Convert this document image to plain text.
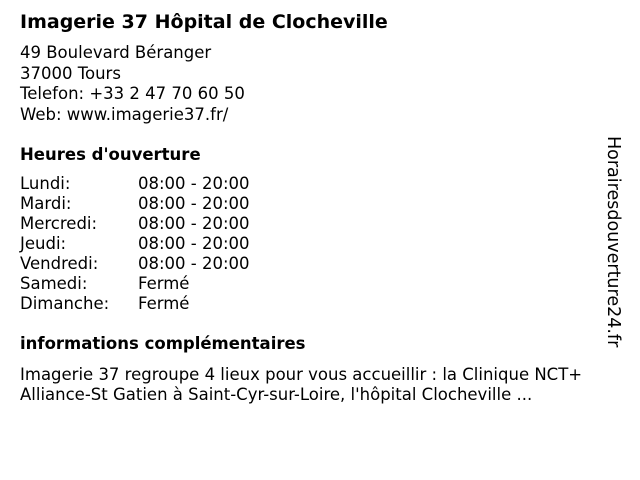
Imagerie 37 Hôpital de Clocheville
49 Boulevard Béranger
37000 Tours
Telefon: +33 2 47 70 60 50
Web: www.imagerie37.fr/
Heures d'ouverture
Lundi:	08:00 - 20:00
Mardi:	08:00 - 20:00
Mercredi: 08:00 - 20:00
Jeudi:	08:00 - 20:00
Vendredi: 08:00 - 20:00
Samedi:	Fermé
Dimanche: Fermé
informations complémentaires
Imagerie 37 regroupe 4 lieux pour vous accueillir : la Clinique NCT+
Alliance-St Gatien à Saint-Cyr-sur-Loire, l'hôpital Clocheville ...
Horairesdouverture24.fr
